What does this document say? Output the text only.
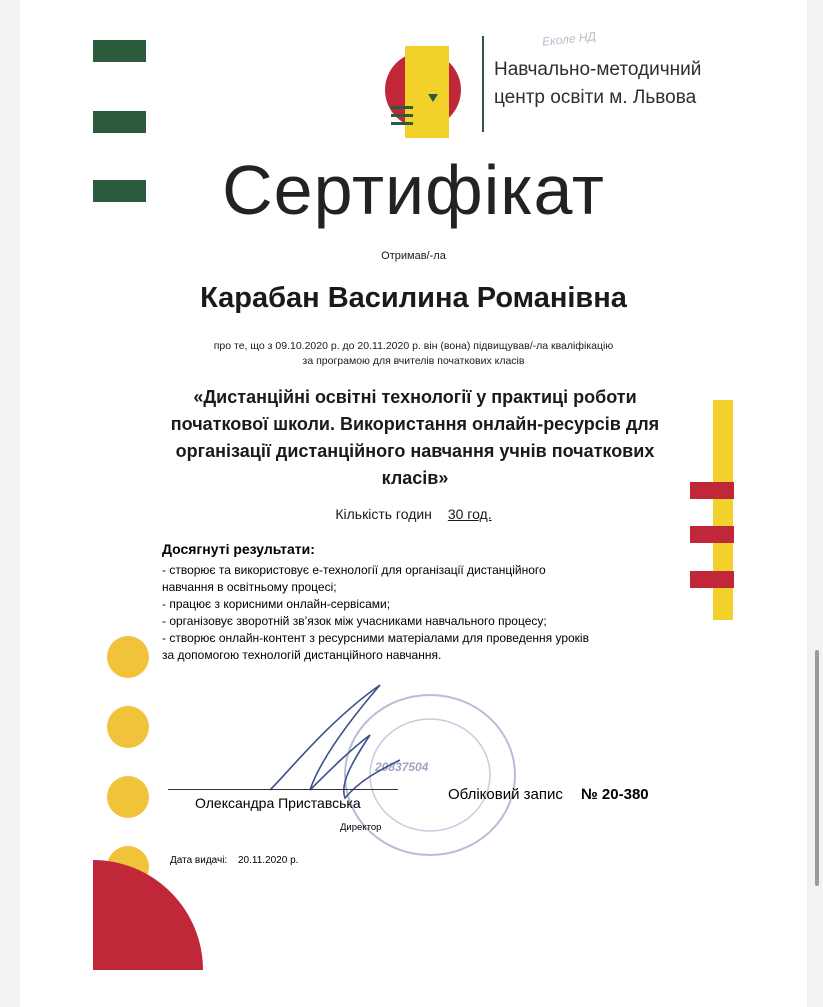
Навчально-методичний
центр освіти м. Львова
Еколе НД
Сертифікат
Отримав/-ла
Карабан Василина Романівна
про те, що з 09.10.2020 р. до 20.11.2020 р. він (вона) підвищував/-ла кваліфікацію
за програмою для вчителів початкових класів
«Дистанційні освітні технології у практиці роботи початкової школи. Використання онлайн-ресурсів для організації дистанційного навчання учнів початкових класів»
Кількість годин 30 год.
Досягнуті результати:
- створює та використовує е-технології для організації дистанційного
навчання в освітньому процесі;
- працює з корисними онлайн-сервісами;
- організовує зворотній зв’язок між учасниками навчального процесу;
- створює онлайн-контент з ресурсними матеріалами для проведення уроків
за допомогою технологій дистанційного навчання.
20837504
Олександра Приставська
Директор
Обліковий запис № 20-380
Дата видачі: 20.11.2020 р.
